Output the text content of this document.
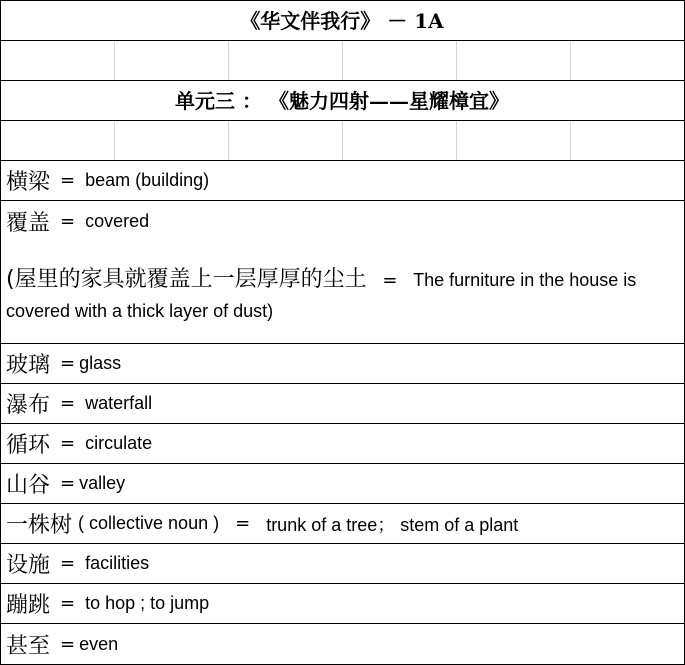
《华文伴我行》 － 1A
单元三 ： 《魅力四射——星耀樟宜》
横梁 = beam (building)
覆盖 = covered
(屋里的家具就覆盖上一层厚厚的尘土 = The furniture in the house is covered with a thick layer of dust)
玻璃 = glass
瀑布 = waterfall
循环 = circulate
山谷 = valley
一株树 ( collective noun ) = trunk of a tree； stem of a plant
设施 = facilities
蹦跳 = to hop ; to jump
甚至 = even
